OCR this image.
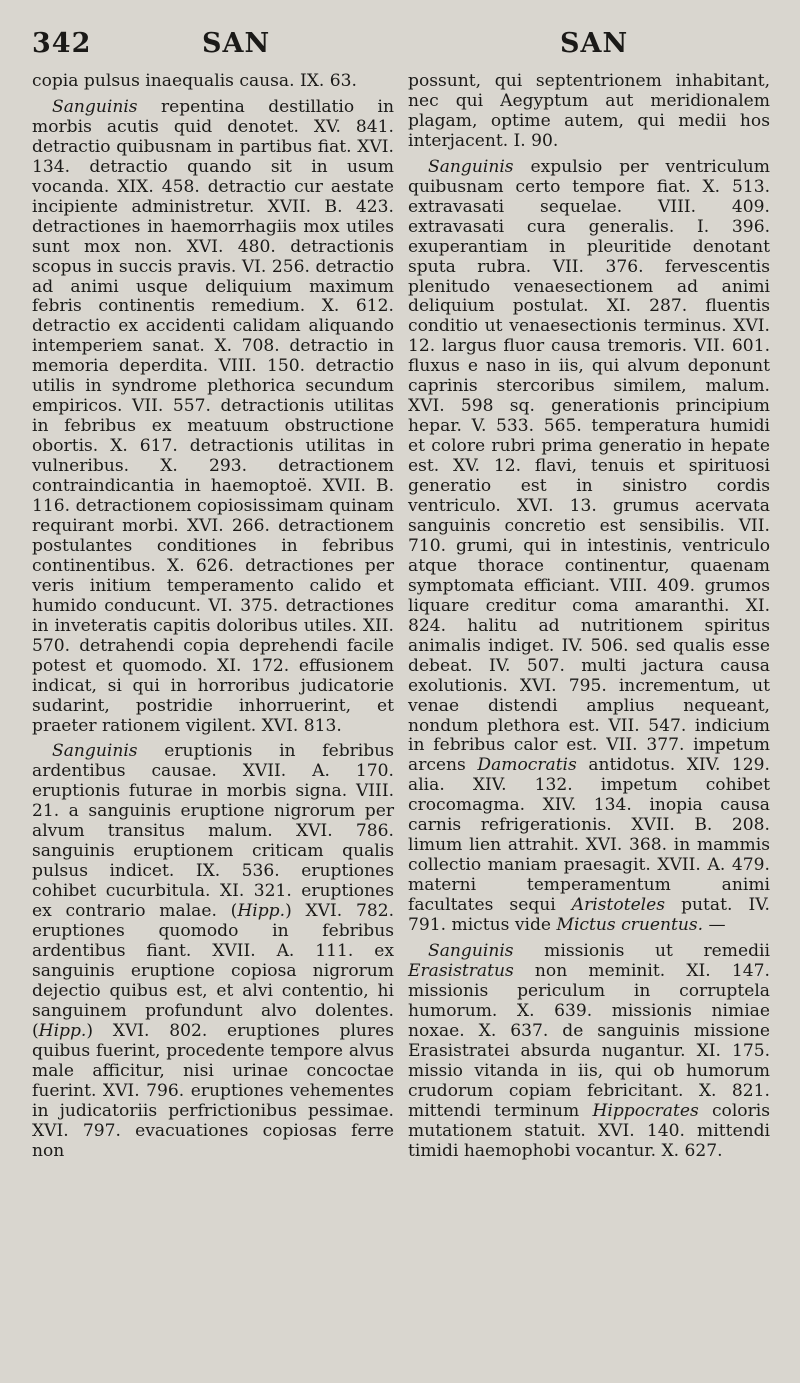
342	SAN	SAN

copia pulsus inaequalis causa. IX. 63.

Sanguinis repentina destillatio in morbis acutis quid denotet. XV. 841. detractio quibusnam in partibus fiat. XVI. 134. detractio quando sit in usum vocanda. XIX. 458. detractio cur aestate incipiente administretur. XVII. B. 423. detractiones in haemorrhagiis mox utiles sunt mox non. XVI. 480. detractionis scopus in succis pravis. VI. 256. detractio ad animi usque deliquium maximum febris continentis remedium. X. 612. detractio ex accidenti calidam aliquando intemperiem sanat. X. 708. detractio in memoria deperdita. VIII. 150. detractio utilis in syndrome plethorica secundum empiricos. VII. 557. detractionis utilitas in febribus ex meatuum obstructione obortis. X. 617. detractionis utilitas in vulneribus. X. 293. detractionem contraindicantia in haemoptoë. XVII. B. 116. detractionem copiosissimam quinam requirant morbi. XVI. 266. detractionem postulantes conditiones in febribus continentibus. X. 626. detractiones per veris initium temperamento calido et humido conducunt. VI. 375. detractiones in inveteratis capitis doloribus utiles. XII. 570. detrahendi copia deprehendi facile potest et quomodo. XI. 172. effusionem indicat, si qui in horroribus judicatorie sudarint, postridie inhorruerint, et praeter rationem vigilent. XVI. 813.

Sanguinis eruptionis in febribus ardentibus causae. XVII. A. 170. eruptionis futurae in morbis signa. VIII. 21. a sanguinis eruptione nigrorum per alvum transitus malum. XVI. 786. sanguinis eruptionem criticam qualis pulsus indicet. IX. 536. eruptiones cohibet cucurbitula. XI. 321. eruptiones ex contrario malae. (Hipp.) XVI. 782. eruptiones quomodo in febribus ardentibus fiant. XVII. A. 111. ex sanguinis eruptione copiosa nigrorum dejectio quibus est, et alvi contentio, hi sanguinem profundunt alvo dolentes. (Hipp.) XVI. 802. eruptiones plures quibus fuerint, procedente tempore alvus male afficitur, nisi urinae concoctae fuerint. XVI. 796. eruptiones vehementes in judicatoriis perfrictionibus pessimae. XVI. 797. evacuationes copiosas ferre non

possunt, qui septentrionem inhabitant, nec qui Aegyptum aut meridionalem plagam, optime autem, qui medii hos interjacent. I. 90.

Sanguinis expulsio per ventriculum quibusnam certo tempore fiat. X. 513. extravasati sequelae. VIII. 409. extravasati cura generalis. I. 396. exuperantiam in pleuritide denotant sputa rubra. VII. 376. fervescentis plenitudo venaesectionem ad animi deliquium postulat. XI. 287. fluentis conditio ut venaesectionis terminus. XVI. 12. largus fluor causa tremoris. VII. 601. fluxus e naso in iis, qui alvum deponunt caprinis stercoribus similem, malum. XVI. 598 sq. generationis principium hepar. V. 533. 565. temperatura humidi et colore rubri prima generatio in hepate est. XV. 12. flavi, tenuis et spirituosi generatio est in sinistro cordis ventriculo. XVI. 13. grumus acervata sanguinis concretio est sensibilis. VII. 710. grumi, qui in intestinis, ventriculo atque thorace continentur, quaenam symptomata efficiant. VIII. 409. grumos liquare creditur coma amaranthi. XI. 824. halitu ad nutritionem spiritus animalis indiget. IV. 506. sed qualis esse debeat. IV. 507. multi jactura causa exolutionis. XVI. 795. incrementum, ut venae distendi amplius nequeant, nondum plethora est. VII. 547. indicium in febribus calor est. VII. 377. impetum arcens Damocratis antidotus. XIV. 129. alia. XIV. 132. impetum cohibet crocomagma. XIV. 134. inopia causa carnis refrigerationis. XVII. B. 208. limum lien attrahit. XVI. 368. in mammis collectio maniam praesagit. XVII. A. 479. materni temperamentum animi facultates sequi Aristoteles putat. IV. 791. mictus vide Mictus cruentus. —

Sanguinis missionis ut remedii Erasistratus non meminit. XI. 147. missionis periculum in corruptela humorum. X. 639. missionis nimiae noxae. X. 637. de sanguinis missione Erasistratei absurda nugantur. XI. 175. missio vitanda in iis, qui ob humorum crudorum copiam febricitant. X. 821. mittendi terminum Hippocrates coloris mutationem statuit. XVI. 140. mittendi timidi haemophobi vocantur. X. 627.
